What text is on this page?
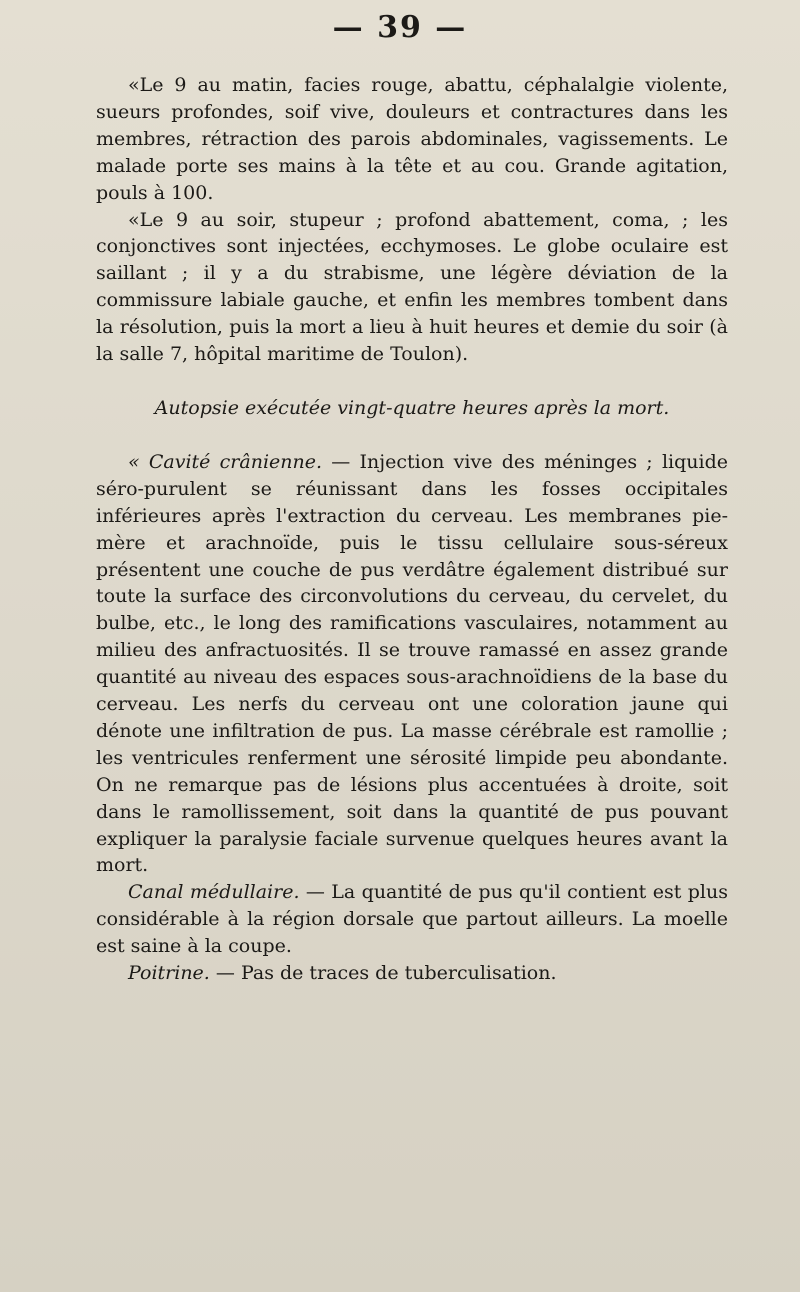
— 39 —

«Le 9 au matin, facies rouge, abattu, céphalalgie violente, sueurs profondes, soif vive, douleurs et contractures dans les membres, rétraction des parois abdominales, vagissements. Le malade porte ses mains à la tête et au cou. Grande agitation, pouls à 100.

«Le 9 au soir, stupeur ; profond abattement, coma, ; les conjonctives sont injectées, ecchymoses. Le globe oculaire est saillant ; il y a du strabisme, une légère déviation de la commissure labiale gauche, et enfin les membres tombent dans la résolution, puis la mort a lieu à huit heures et demie du soir (à la salle 7, hôpital maritime de Toulon).

Autopsie exécutée vingt-quatre heures après la mort.

« Cavité crânienne. — Injection vive des méninges ; liquide séro-purulent se réunissant dans les fosses occipitales inférieures après l'extraction du cerveau. Les membranes pie-mère et arachnoïde, puis le tissu cellulaire sous-séreux présentent une couche de pus verdâtre également distribué sur toute la surface des circonvolutions du cerveau, du cervelet, du bulbe, etc., le long des ramifications vasculaires, notamment au milieu des anfractuosités. Il se trouve ramassé en assez grande quantité au niveau des espaces sous-arachnoïdiens de la base du cerveau. Les nerfs du cerveau ont une coloration jaune qui dénote une infiltration de pus. La masse cérébrale est ramollie ; les ventricules renferment une sérosité limpide peu abondante. On ne remarque pas de lésions plus accentuées à droite, soit dans le ramollissement, soit dans la quantité de pus pouvant expliquer la paralysie faciale survenue quelques heures avant la mort.

Canal médullaire. — La quantité de pus qu'il contient est plus considérable à la région dorsale que partout ailleurs. La moelle est saine à la coupe.

Poitrine. — Pas de traces de tuberculisation.
